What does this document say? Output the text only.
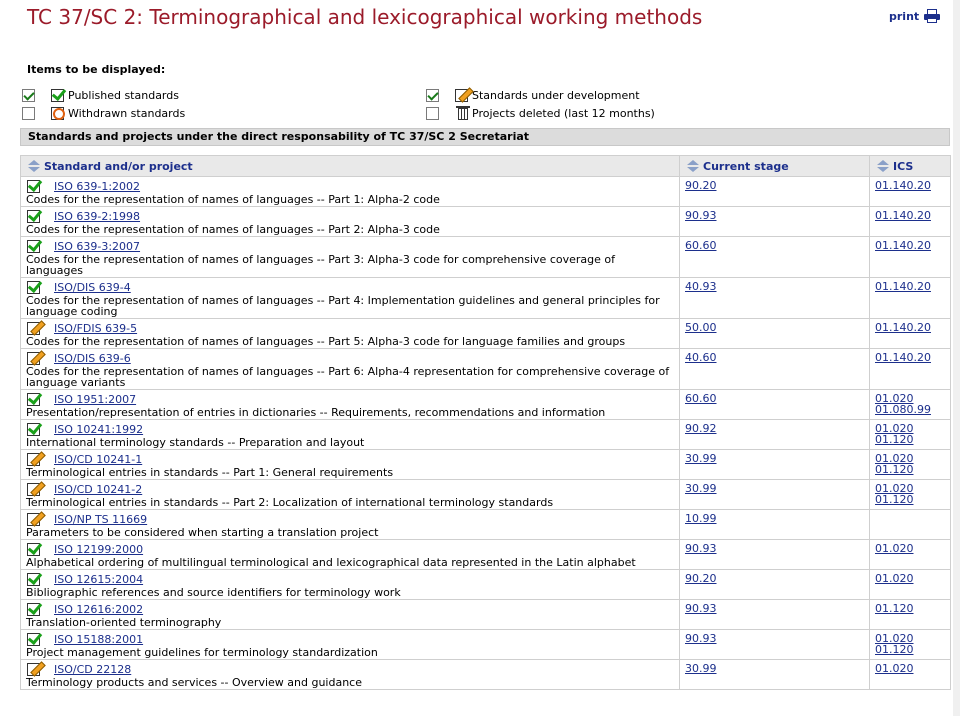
TC 37/SC 2: Terminographical and lexicographical working methods	print
Items to be displayed:
Published standards	Standards under development
Withdrawn standards	Projects deleted (last 12 months)
Standards and projects under the direct responsability of TC 37/SC 2 Secretariat
Standard and/or project	Current stage	ICS

ISO 639-1:2002
Codes for the representation of names of languages -- Part 1: Alpha-2 code	90.20	01.140.20

ISO 639-2:1998
Codes for the representation of names of languages -- Part 2: Alpha-3 code	90.93	01.140.20

ISO 639-3:2007
Codes for the representation of names of languages -- Part 3: Alpha-3 code for comprehensive coverage of languages	60.60	01.140.20

ISO/DIS 639-4
Codes for the representation of names of languages -- Part 4: Implementation guidelines and general principles for language coding	40.93	01.140.20

ISO/FDIS 639-5
Codes for the representation of names of languages -- Part 5: Alpha-3 code for language families and groups	50.00	01.140.20

ISO/DIS 639-6
Codes for the representation of names of languages -- Part 6: Alpha-4 representation for comprehensive coverage of language variants	40.60	01.140.20

ISO 1951:2007
Presentation/representation of entries in dictionaries -- Requirements, recommendations and information	60.60	01.020
01.080.99

ISO 10241:1992
International terminology standards -- Preparation and layout	90.92	01.020
01.120

ISO/CD 10241-1
Terminological entries in standards -- Part 1: General requirements	30.99	01.020
01.120

ISO/CD 10241-2
Terminological entries in standards -- Part 2: Localization of international terminology standards	30.99	01.020
01.120

ISO/NP TS 11669
Parameters to be considered when starting a translation project	10.99	

ISO 12199:2000
Alphabetical ordering of multilingual terminological and lexicographical data represented in the Latin alphabet	90.93	01.020

ISO 12615:2004
Bibliographic references and source identifiers for terminology work	90.20	01.020

ISO 12616:2002
Translation-oriented terminography	90.93	01.120

ISO 15188:2001
Project management guidelines for terminology standardization	90.93	01.020
01.120

ISO/CD 22128
Terminology products and services -- Overview and guidance	30.99	01.020
